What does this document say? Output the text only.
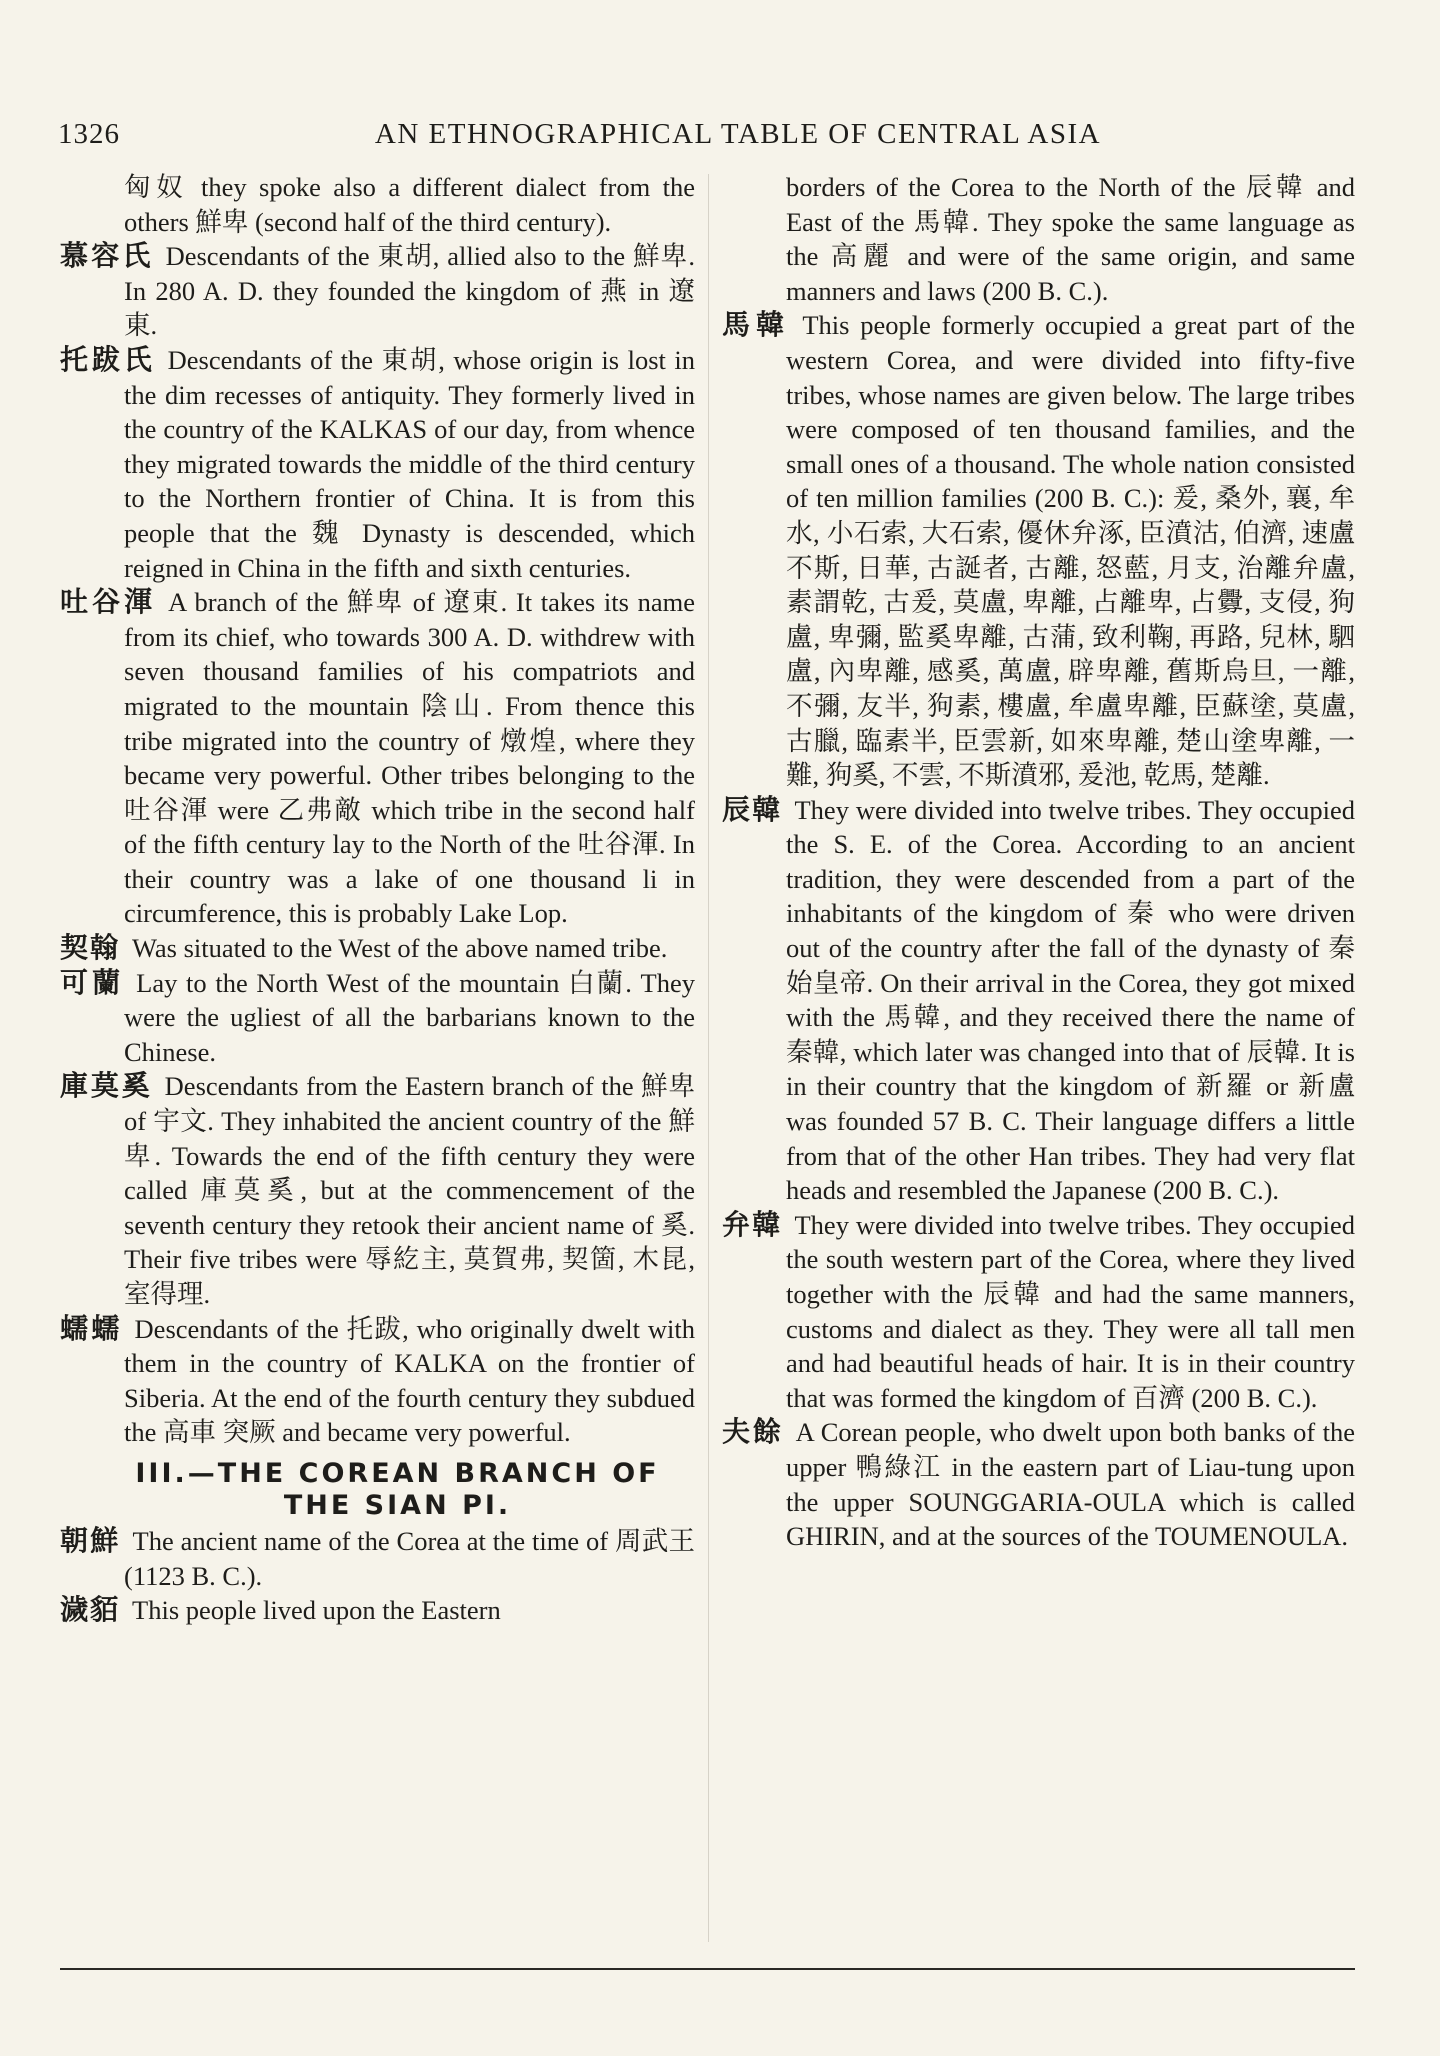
1326	AN ETHNOGRAPHICAL TABLE OF CENTRAL ASIA

匈奴 they spoke also a different dialect from the others 鮮卑 (second half of the third century).

慕容氏 Descendants of the 東胡, allied also to the 鮮卑. In 280 A. D. they founded the kingdom of 燕 in 遼東.

托跋氏 Descendants of the 東胡, whose origin is lost in the dim recesses of antiquity. They formerly lived in the country of the KALKAS of our day, from whence they migrated towards the middle of the third century to the Northern frontier of China. It is from this people that the 魏 Dynasty is descended, which reigned in China in the fifth and sixth centuries.

吐谷渾 A branch of the 鮮卑 of 遼東. It takes its name from its chief, who towards 300 A. D. withdrew with seven thousand families of his compatriots and migrated to the mountain 陰山. From thence this tribe migrated into the country of 燉煌, where they became very powerful. Other tribes belonging to the 吐谷渾 were 乙弗敵 which tribe in the second half of the fifth century lay to the North of the 吐谷渾. In their country was a lake of one thousand li in circumference, this is probably Lake Lop.

契翰 Was situated to the West of the above named tribe.

可蘭 Lay to the North West of the mountain 白蘭. They were the ugliest of all the barbarians known to the Chinese.

庫莫奚 Descendants from the Eastern branch of the 鮮卑 of 宇文. They inhabited the ancient country of the 鮮卑. Towards the end of the fifth century they were called 庫莫奚, but at the commencement of the seventh century they retook their ancient name of 奚. Their five tribes were 辱紇主, 莫賀弗, 契箇, 木昆, 室得理.

蠕蠕 Descendants of the 托跋, who originally dwelt with them in the country of KALKA on the frontier of Siberia. At the end of the fourth century they subdued the 高車 突厥 and became very powerful.

III.—THE COREAN BRANCH OF THE SIAN PI.

朝鮮 The ancient name of the Corea at the time of 周武王 (1123 B. C.).

濊貊 This people lived upon the Eastern

borders of the Corea to the North of the 辰韓 and East of the 馬韓. They spoke the same language as the 高麗 and were of the same origin, and same manners and laws (200 B. C.).

馬韓 This people formerly occupied a great part of the western Corea, and were divided into fifty-five tribes, whose names are given below. The large tribes were composed of ten thousand families, and the small ones of a thousand. The whole nation consisted of ten million families (200 B. C.): 爰, 桑外, 襄, 牟水, 小石索, 大石索, 優休弁涿, 臣濆沽, 伯濟, 速盧不斯, 日華, 古誕者, 古離, 怒藍, 月支, 治離弁盧, 素謂乾, 古爰, 莫盧, 卑離, 占離卑, 占釁, 支侵, 狗盧, 卑彌, 監奚卑離, 古蒲, 致利鞠, 再路, 兒林, 駟盧, 內卑離, 感奚, 萬盧, 辟卑離, 舊斯烏旦, 一離, 不彌, 友半, 狗素, 樓盧, 牟盧卑離, 臣蘇塗, 莫盧, 古臘, 臨素半, 臣雲新, 如來卑離, 楚山塗卑離, 一難, 狗奚, 不雲, 不斯濆邪, 爰池, 乾馬, 楚離.

辰韓 They were divided into twelve tribes. They occupied the S. E. of the Corea. According to an ancient tradition, they were descended from a part of the inhabitants of the kingdom of 秦 who were driven out of the country after the fall of the dynasty of 秦始皇帝. On their arrival in the Corea, they got mixed with the 馬韓, and they received there the name of 秦韓, which later was changed into that of 辰韓. It is in their country that the kingdom of 新羅 or 新盧 was founded 57 B. C. Their language differs a little from that of the other Han tribes. They had very flat heads and resembled the Japanese (200 B. C.).

弁韓 They were divided into twelve tribes. They occupied the south western part of the Corea, where they lived together with the 辰韓 and had the same manners, customs and dialect as they. They were all tall men and had beautiful heads of hair. It is in their country that was formed the kingdom of 百濟 (200 B. C.).

夫餘 A Corean people, who dwelt upon both banks of the upper 鴨綠江 in the eastern part of Liau-tung upon the upper SOUNGGARIA-OULA which is called GHIRIN, and at the sources of the TOUMENOULA.
